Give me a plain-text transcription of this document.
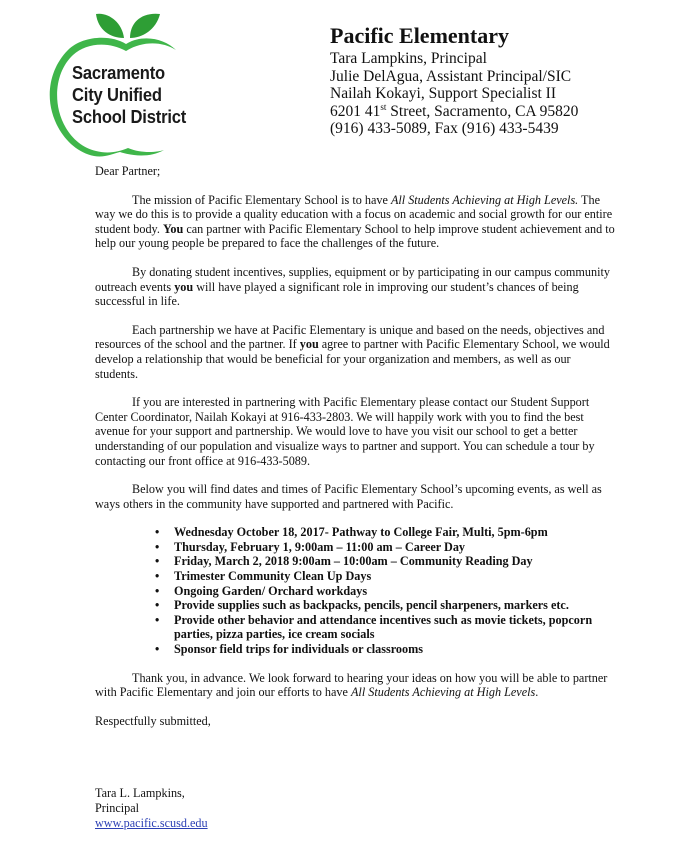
Sacramento
City Unified
School District
Pacific Elementary
Tara Lampkins, Principal
Julie DelAgua, Assistant Principal/SIC
Nailah Kokayi, Support Specialist II
6201 41st Street, Sacramento, CA 95820
(916) 433-5089, Fax (916) 433-5439

Dear Partner;

The mission of Pacific Elementary School is to have All Students Achieving at High Levels. The way we do this is to provide a quality education with a focus on academic and social growth for our entire student body. You can partner with Pacific Elementary School to help improve student achievement and to help our young people be prepared to face the challenges of the future.

By donating student incentives, supplies, equipment or by participating in our campus community outreach events you will have played a significant role in improving our student’s chances of being successful in life.

Each partnership we have at Pacific Elementary is unique and based on the needs, objectives and resources of the school and the partner. If you agree to partner with Pacific Elementary School, we would develop a relationship that would be beneficial for your organization and members, as well as our students.

If you are interested in partnering with Pacific Elementary please contact our Student Support Center Coordinator, Nailah Kokayi at 916-433-2803. We will happily work with you to find the best avenue for your support and partnership. We would love to have you visit our school to get a better understanding of our population and visualize ways to partner and support. You can schedule a tour by contacting our front office at 916-433-5089.

Below you will find dates and times of Pacific Elementary School’s upcoming events, as well as ways others in the community have supported and partnered with Pacific.

• Wednesday October 18, 2017- Pathway to College Fair, Multi, 5pm-6pm
• Thursday, February 1, 9:00am – 11:00 am – Career Day
• Friday, March 2, 2018 9:00am – 10:00am – Community Reading Day
• Trimester Community Clean Up Days
• Ongoing Garden/ Orchard workdays
• Provide supplies such as backpacks, pencils, pencil sharpeners, markers etc.
• Provide other behavior and attendance incentives such as movie tickets, popcorn parties, pizza parties, ice cream socials
• Sponsor field trips for individuals or classrooms

Thank you, in advance. We look forward to hearing your ideas on how you will be able to partner with Pacific Elementary and join our efforts to have All Students Achieving at High Levels.

Respectfully submitted,

Tara L. Lampkins,
Principal
www.pacific.scusd.edu
